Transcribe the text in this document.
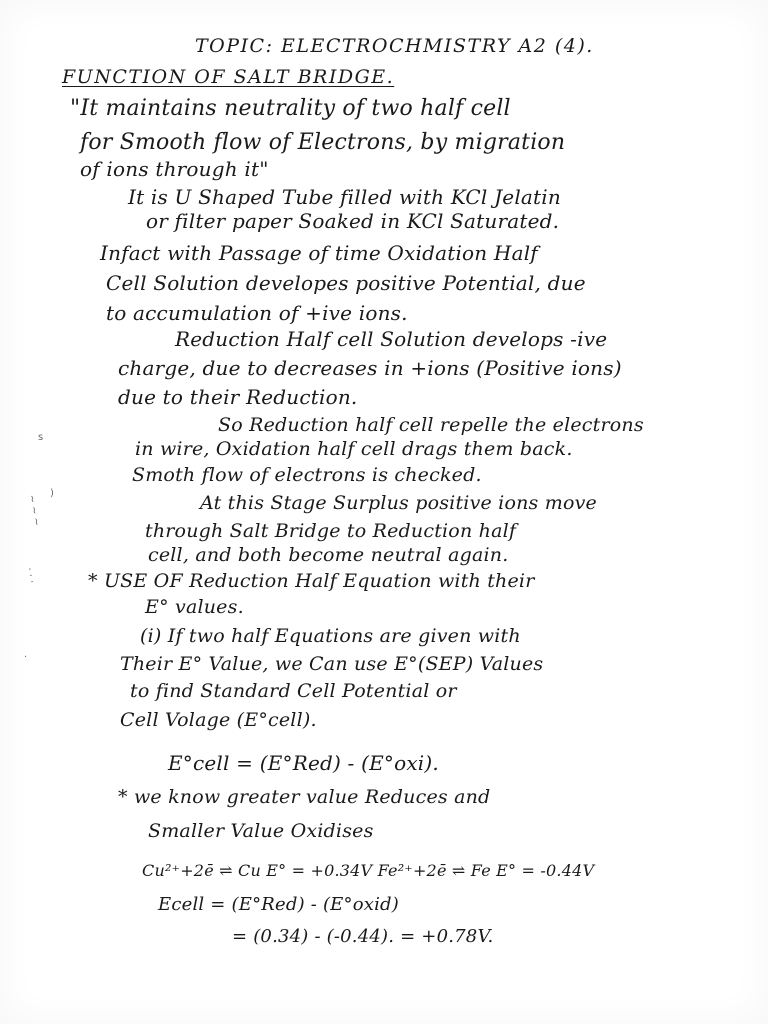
s
)
~ ~ ~
· · ·
·
TOPIC: ELECTROCHMISTRY A2 (4).
FUNCTION OF SALT BRIDGE.
"It maintains neutrality of two half cell
for Smooth flow of Electrons, by migration
of ions through it"
It is U Shaped Tube filled with KCl Jelatin
or filter paper Soaked in KCl Saturated.
Infact with Passage of time Oxidation Half
Cell Solution developes positive Potential, due
to accumulation of +ive ions.
Reduction Half cell Solution develops -ive
charge, due to decreases in +ions (Positive ions)
due to their Reduction.
So Reduction half cell repelle the electrons
in wire, Oxidation half cell drags them back.
Smoth flow of electrons is checked.
At this Stage Surplus positive ions move
through Salt Bridge to Reduction half
cell, and both become neutral again.
* USE OF Reduction Half Equation with their
E° values.
(i) If two half Equations are given with
Their E° Value, we Can use E°(SEP) Values
to find Standard Cell Potential or
Cell Volage (E°cell).
E°cell = (E°Red) - (E°oxi).
* we know greater value Reduces and
Smaller Value Oxidises
Cu²⁺+2ē ⇌ Cu E° = +0.34V Fe²⁺+2ē ⇌ Fe E° = -0.44V
Ecell = (E°Red) - (E°oxid)
= (0.34) - (-0.44). = +0.78V.
